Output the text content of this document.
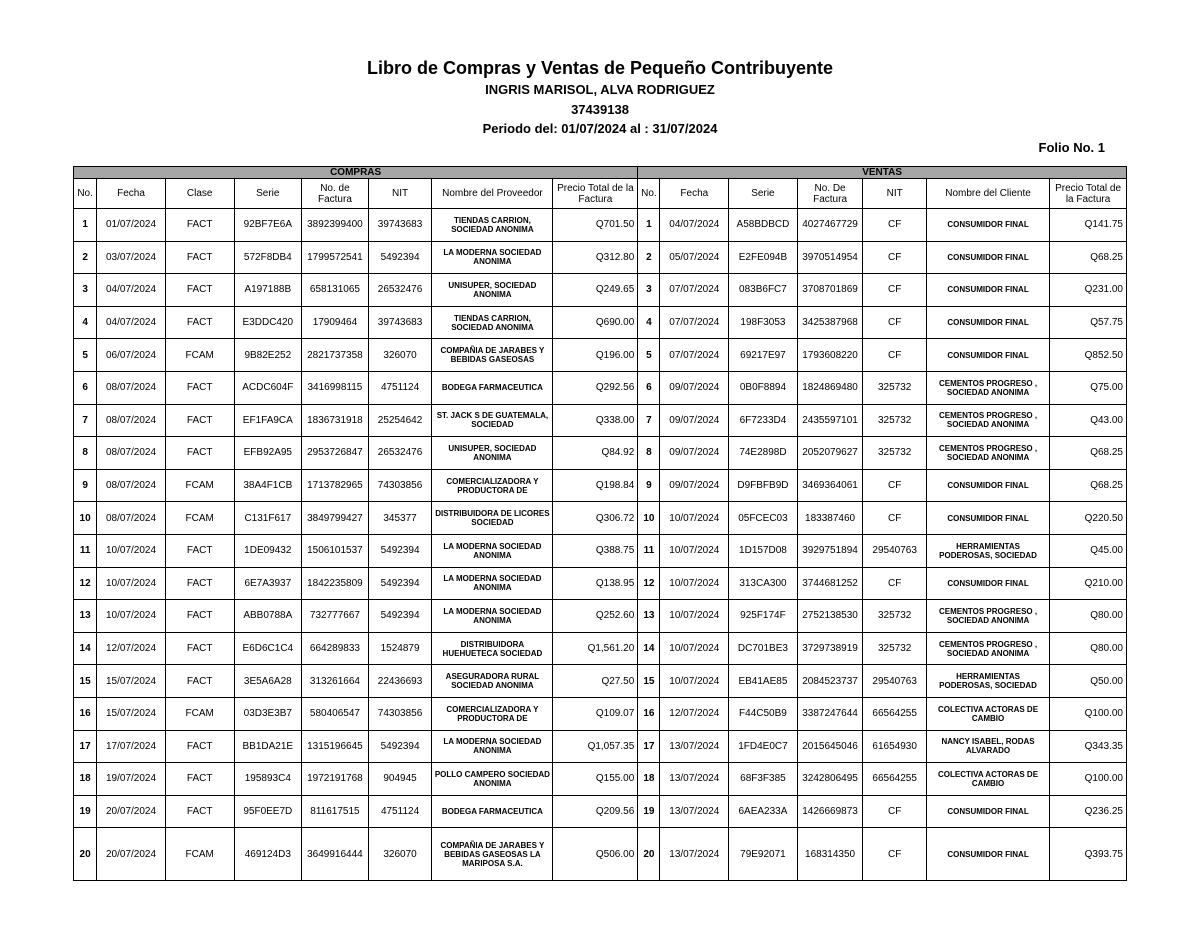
Libro de Compras y Ventas de Pequeño Contribuyente
INGRIS MARISOL, ALVA RODRIGUEZ
37439138
Periodo del: 01/07/2024 al : 31/07/2024
Folio No. 1
COMPRAS								VENTAS						
No.	Fecha	Clase	Serie	No. de Factura	NIT	Nombre del Proveedor	Precio Total de la Factura	No.	Fecha	Serie	No. De Factura	NIT	Nombre del Cliente	Precio Total de la Factura
1	01/07/2024	FACT	92BF7E6A	3892399400	39743683	TIENDAS CARRION, SOCIEDAD ANONIMA	Q701.50	1	04/07/2024	A58BDBCD	4027467729	CF	CONSUMIDOR FINAL	Q141.75
2	03/07/2024	FACT	572F8DB4	1799572541	5492394	LA MODERNA SOCIEDAD ANONIMA	Q312.80	2	05/07/2024	E2FE094B	3970514954	CF	CONSUMIDOR FINAL	Q68.25
3	04/07/2024	FACT	A197188B	658131065	26532476	UNISUPER, SOCIEDAD ANONIMA	Q249.65	3	07/07/2024	083B6FC7	3708701869	CF	CONSUMIDOR FINAL	Q231.00
4	04/07/2024	FACT	E3DDC420	17909464	39743683	TIENDAS CARRION, SOCIEDAD ANONIMA	Q690.00	4	07/07/2024	198F3053	3425387968	CF	CONSUMIDOR FINAL	Q57.75
5	06/07/2024	FCAM	9B82E252	2821737358	326070	COMPAÑIA DE JARABES Y BEBIDAS GASEOSAS	Q196.00	5	07/07/2024	69217E97	1793608220	CF	CONSUMIDOR FINAL	Q852.50
6	08/07/2024	FACT	ACDC604F	3416998115	4751124	BODEGA FARMACEUTICA	Q292.56	6	09/07/2024	0B0F8894	1824869480	325732	CEMENTOS PROGRESO , SOCIEDAD ANONIMA	Q75.00
7	08/07/2024	FACT	EF1FA9CA	1836731918	25254642	ST. JACK S DE GUATEMALA, SOCIEDAD	Q338.00	7	09/07/2024	6F7233D4	2435597101	325732	CEMENTOS PROGRESO , SOCIEDAD ANONIMA	Q43.00
8	08/07/2024	FACT	EFB92A95	2953726847	26532476	UNISUPER, SOCIEDAD ANONIMA	Q84.92	8	09/07/2024	74E2898D	2052079627	325732	CEMENTOS PROGRESO , SOCIEDAD ANONIMA	Q68.25
9	08/07/2024	FCAM	38A4F1CB	1713782965	74303856	COMERCIALIZADORA Y PRODUCTORA DE	Q198.84	9	09/07/2024	D9FBFB9D	3469364061	CF	CONSUMIDOR FINAL	Q68.25
10	08/07/2024	FCAM	C131F617	3849799427	345377	DISTRIBUIDORA DE LICORES SOCIEDAD	Q306.72	10	10/07/2024	05FCEC03	183387460	CF	CONSUMIDOR FINAL	Q220.50
11	10/07/2024	FACT	1DE09432	1506101537	5492394	LA MODERNA SOCIEDAD ANONIMA	Q388.75	11	10/07/2024	1D157D08	3929751894	29540763	HERRAMIENTAS PODEROSAS, SOCIEDAD	Q45.00
12	10/07/2024	FACT	6E7A3937	1842235809	5492394	LA MODERNA SOCIEDAD ANONIMA	Q138.95	12	10/07/2024	313CA300	3744681252	CF	CONSUMIDOR FINAL	Q210.00
13	10/07/2024	FACT	ABB0788A	732777667	5492394	LA MODERNA SOCIEDAD ANONIMA	Q252.60	13	10/07/2024	925F174F	2752138530	325732	CEMENTOS PROGRESO , SOCIEDAD ANONIMA	Q80.00
14	12/07/2024	FACT	E6D6C1C4	664289833	1524879	DISTRIBUIDORA HUEHUETECA SOCIEDAD	Q1,561.20	14	10/07/2024	DC701BE3	3729738919	325732	CEMENTOS PROGRESO , SOCIEDAD ANONIMA	Q80.00
15	15/07/2024	FACT	3E5A6A28	313261664	22436693	ASEGURADORA RURAL SOCIEDAD ANONIMA	Q27.50	15	10/07/2024	EB41AE85	2084523737	29540763	HERRAMIENTAS PODEROSAS, SOCIEDAD	Q50.00
16	15/07/2024	FCAM	03D3E3B7	580406547	74303856	COMERCIALIZADORA Y PRODUCTORA DE	Q109.07	16	12/07/2024	F44C50B9	3387247644	66564255	COLECTIVA ACTORAS DE CAMBIO	Q100.00
17	17/07/2024	FACT	BB1DA21E	1315196645	5492394	LA MODERNA SOCIEDAD ANONIMA	Q1,057.35	17	13/07/2024	1FD4E0C7	2015645046	61654930	NANCY ISABEL, RODAS ALVARADO	Q343.35
18	19/07/2024	FACT	195893C4	1972191768	904945	POLLO CAMPERO SOCIEDAD ANONIMA	Q155.00	18	13/07/2024	68F3F385	3242806495	66564255	COLECTIVA ACTORAS DE CAMBIO	Q100.00
19	20/07/2024	FACT	95F0EE7D	811617515	4751124	BODEGA FARMACEUTICA	Q209.56	19	13/07/2024	6AEA233A	1426669873	CF	CONSUMIDOR FINAL	Q236.25
20	20/07/2024	FCAM	469124D3	3649916444	326070	COMPAÑIA DE JARABES Y BEBIDAS GASEOSAS LA MARIPOSA S.A.	Q506.00	20	13/07/2024	79E92071	168314350	CF	CONSUMIDOR FINAL	Q393.75
